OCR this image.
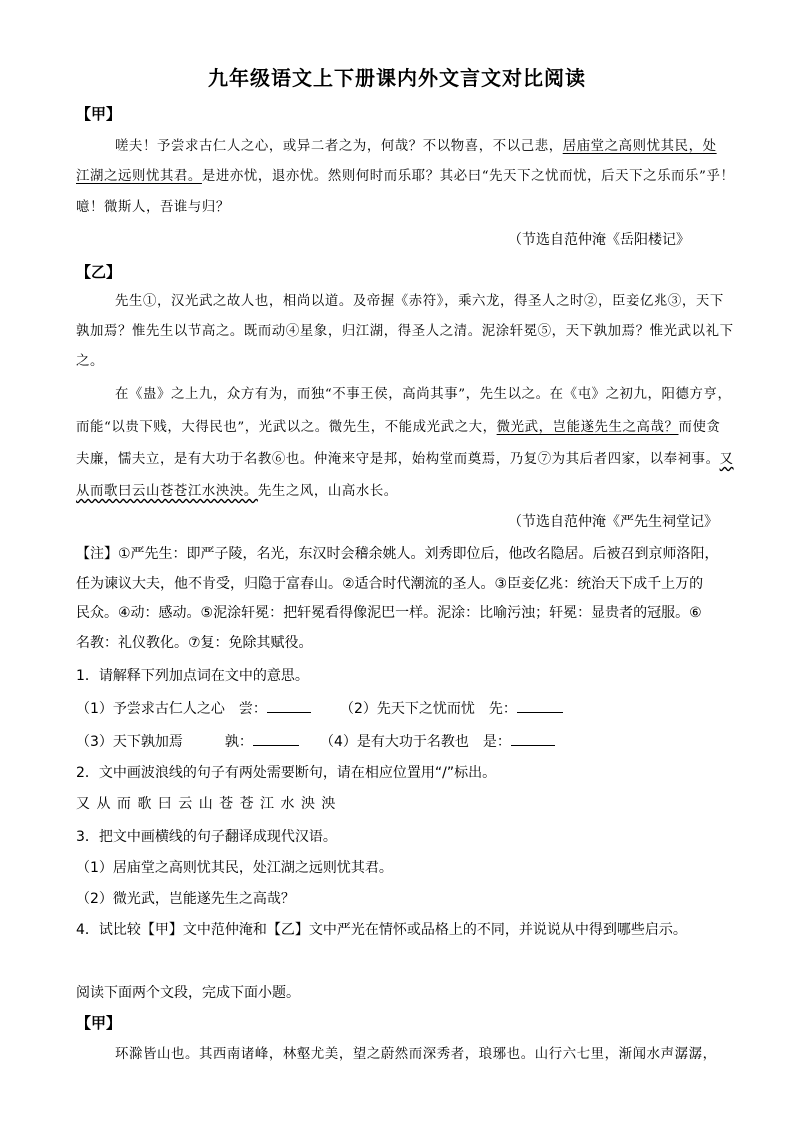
九年级语文上下册课内外文言文对比阅读
【甲】
嗟夫！予尝求古仁人之心，或异二者之为，何哉？不以物喜，不以己悲，居庙堂之高则忧其民，处
江湖之远则忧其君。是进亦忧，退亦忧。然则何时而乐耶？其必曰“先天下之忧而忧，后天下之乐而乐”乎！
噫！微斯人，吾谁与归？
（节选自范仲淹《岳阳楼记》
【乙】
先生①，汉光武之故人也，相尚以道。及帝握《赤符》，乘六龙，得圣人之时②，臣妾亿兆③，天下
孰加焉？惟先生以节高之。既而动④星象，归江湖，得圣人之清。泥涂轩冕⑤，天下孰加焉？惟光武以礼下
之。
在《蛊》之上九，众方有为，而独“不事王侯，高尚其事”，先生以之。在《屯》之初九，阳德方亨，
而能“以贵下贱，大得民也”，光武以之。微先生，不能成光武之大，微光武，岂能遂先生之高哉？而使贪
夫廉，懦夫立，是有大功于名教⑥也。仲淹来守是邦，始构堂而奠焉，乃复⑦为其后者四家，以奉祠事。又
从而歌曰云山苍苍江水泱泱。先生之风，山高水长。
（节选自范仲淹《严先生祠堂记》
【注】①严先生：即严子陵，名光，东汉时会稽余姚人。刘秀即位后，他改名隐居。后被召到京师洛阳，
任为谏议大夫，他不肯受，归隐于富春山。②适合时代潮流的圣人。③臣妾亿兆：统治天下成千上万的
民众。④动：感动。⑤泥涂轩冕：把轩冕看得像泥巴一样。泥涂：比喻污浊；轩冕：显贵者的冠服。⑥
名教：礼仪教化。⑦复：免除其赋役。
1．请解释下列加点词在文中的意思。
（1）予尝求古仁人之心　尝：	（2）先天下之忧而忧　先：
（3）天下孰加焉　　　孰：	（4）是有大功于名教也　是：
2．文中画波浪线的句子有两处需要断句，请在相应位置用“/”标出。
又 从 而 歌 曰 云 山 苍 苍 江 水 泱 泱
3．把文中画横线的句子翻译成现代汉语。
（1）居庙堂之高则忧其民，处江湖之远则忧其君。
（2）微光武，岂能遂先生之高哉？
4．试比较【甲】文中范仲淹和【乙】文中严光在情怀或品格上的不同，并说说从中得到哪些启示。
阅读下面两个文段，完成下面小题。
【甲】
环滁皆山也。其西南诸峰，林壑尤美，望之蔚然而深秀者，琅琊也。山行六七里，渐闻水声潺潺，
